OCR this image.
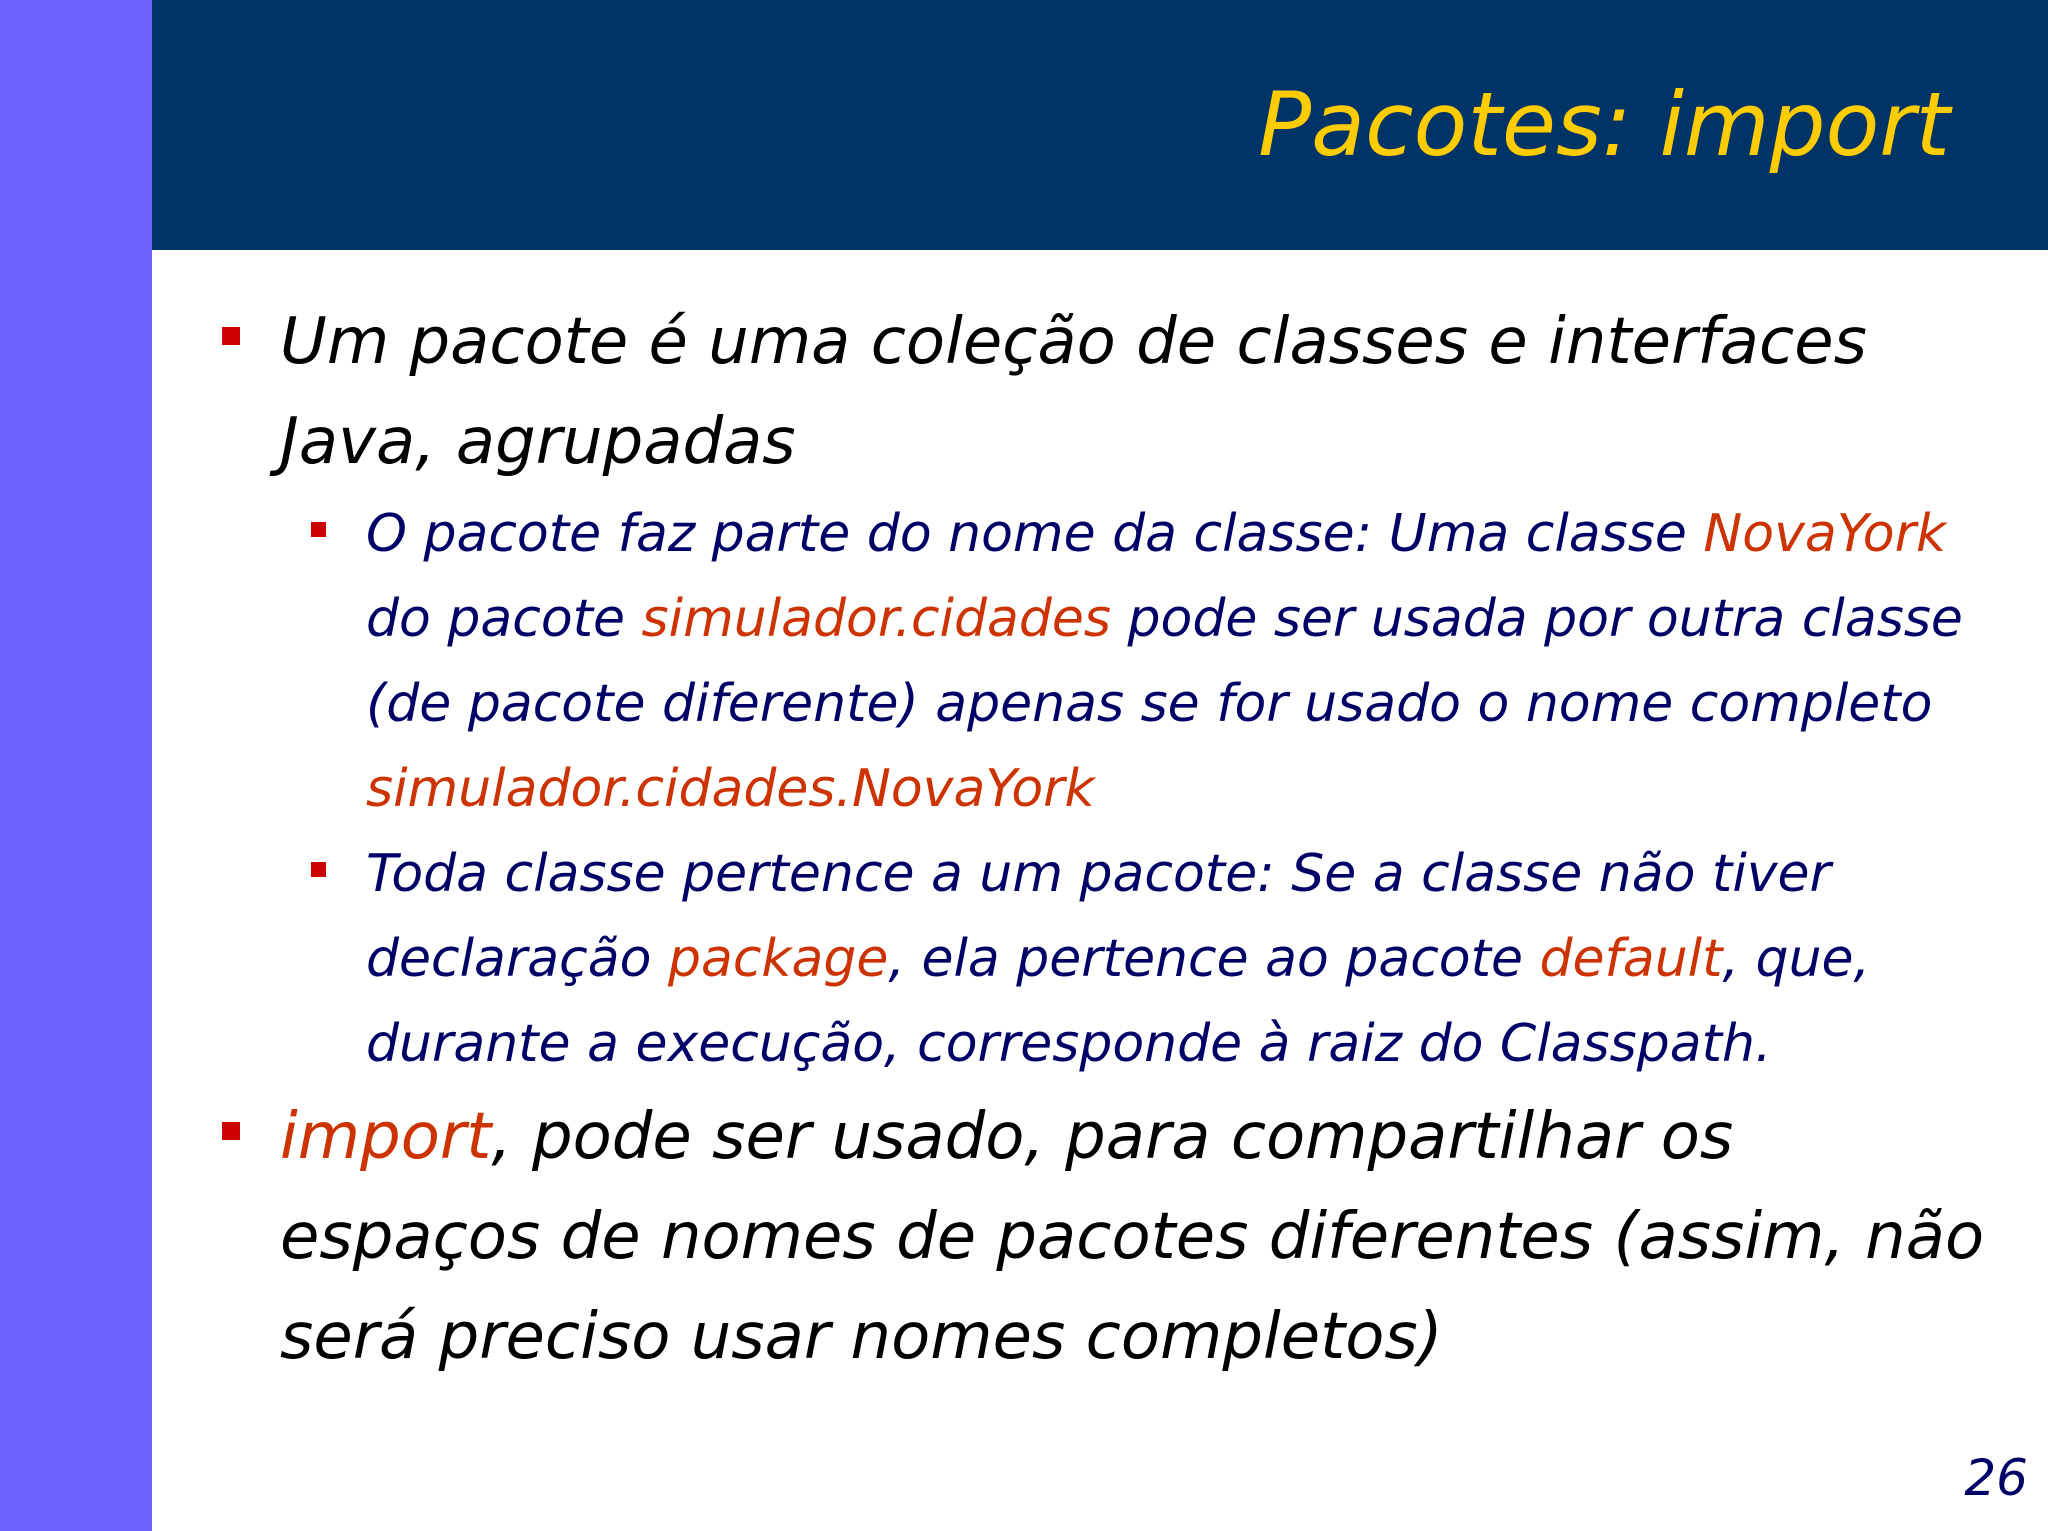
Pacotes: import
Um pacote é uma coleção de classes e interfaces Java, agrupadas
O pacote faz parte do nome da classe: Uma classe NovaYork do pacote simulador.cidades pode ser usada por outra classe (de pacote diferente) apenas se for usado o nome completo simulador.cidades.NovaYork
Toda classe pertence a um pacote: Se a classe não tiver declaração package, ela pertence ao pacote default, que, durante a execução, corresponde à raiz do Classpath.
import, pode ser usado, para compartilhar os espaços de nomes de pacotes diferentes (assim, não será preciso usar nomes completos)
26
